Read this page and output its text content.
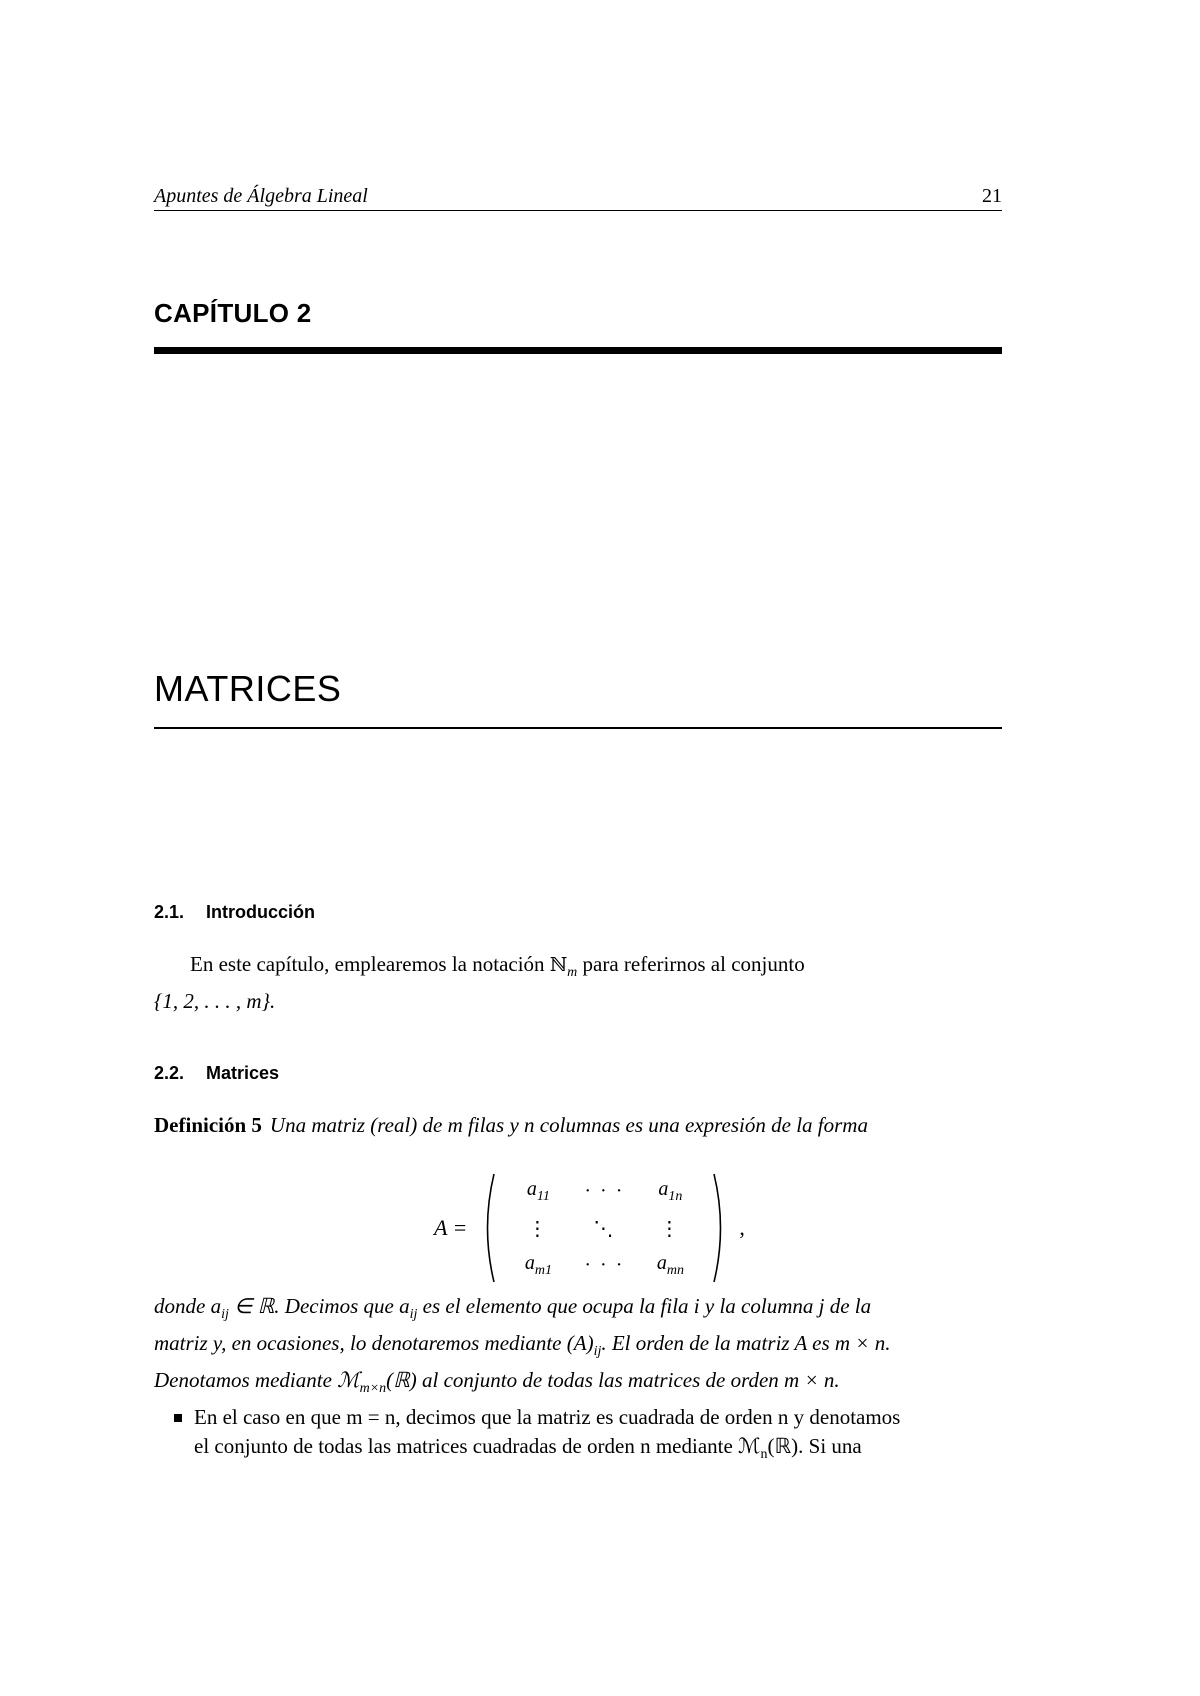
Apuntes de Álgebra Lineal	21
CAPÍTULO 2
MATRICES
2.1. Introducción
En este capítulo, emplearemos la notación ℕ$_m$ para referirnos al conjunto
{1, 2, . . . , m}.
2.2. Matrices
Definición 5 Una matriz (real) de m filas y n columnas es una expresión de la forma
A =
$a_{11}$ · · · $a_{1n}$
⋮ ⋱ ⋮
$a_{m1}$ · · · $a_{mn}$
,
donde $a_{ij}$ ∈ ℝ. Decimos que $a_{ij}$ es el elemento que ocupa la fila i y la columna j de la
matriz y, en ocasiones, lo denotaremos mediante $(A)_{ij}$. El orden de la matriz A es m × n.
Denotamos mediante ℳ$_{m\times n}$(ℝ) al conjunto de todas las matrices de orden m × n.
En el caso en que m = n, decimos que la matriz es cuadrada de orden n y denotamos
el conjunto de todas las matrices cuadradas de orden n mediante ℳ$_n$(ℝ). Si una
